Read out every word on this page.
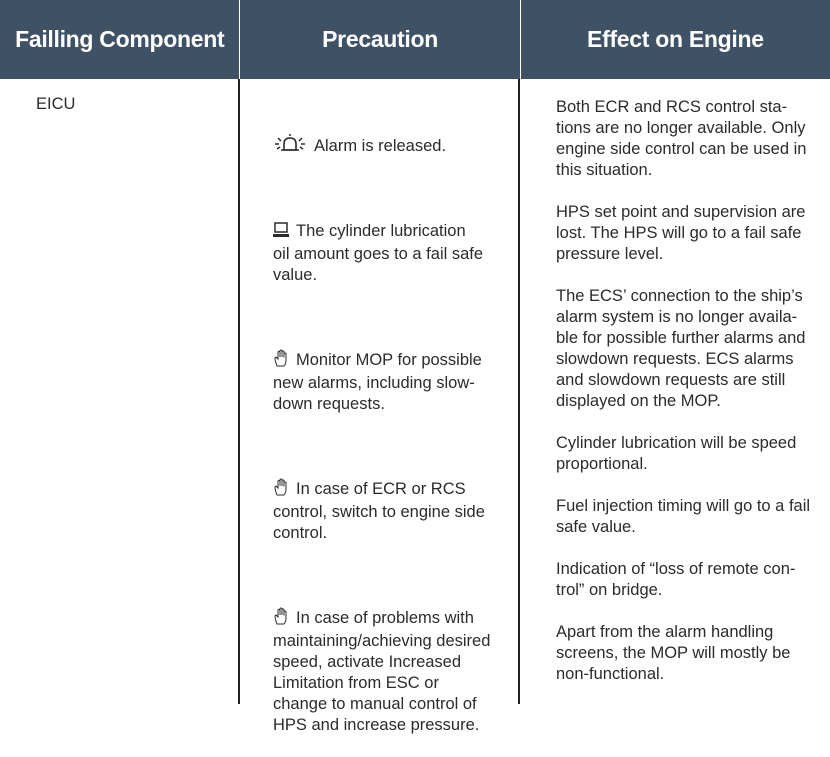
Failling Component	Precaution	Effect on Engine
EICU

Alarm is released.

The cylinder lubrication
oil amount goes to a fail safe
value.

Monitor MOP for possible
new alarms, including slow-
down requests.

In case of ECR or RCS
control, switch to engine side
control.

In case of problems with
maintaining/achieving desired
speed, activate Increased
Limitation from ESC or
change to manual control of
HPS and increase pressure.

Both ECR and RCS control sta-
tions are no longer available. Only
engine side control can be used in
this situation.

HPS set point and supervision are
lost. The HPS will go to a fail safe
pressure level.

The ECS’ connection to the ship’s
alarm system is no longer availa-
ble for possible further alarms and
slowdown requests. ECS alarms
and slowdown requests are still
displayed on the MOP.

Cylinder lubrication will be speed
proportional.

Fuel injection timing will go to a fail
safe value.

Indication of “loss of remote con-
trol” on bridge.

Apart from the alarm handling
screens, the MOP will mostly be
non-functional.
